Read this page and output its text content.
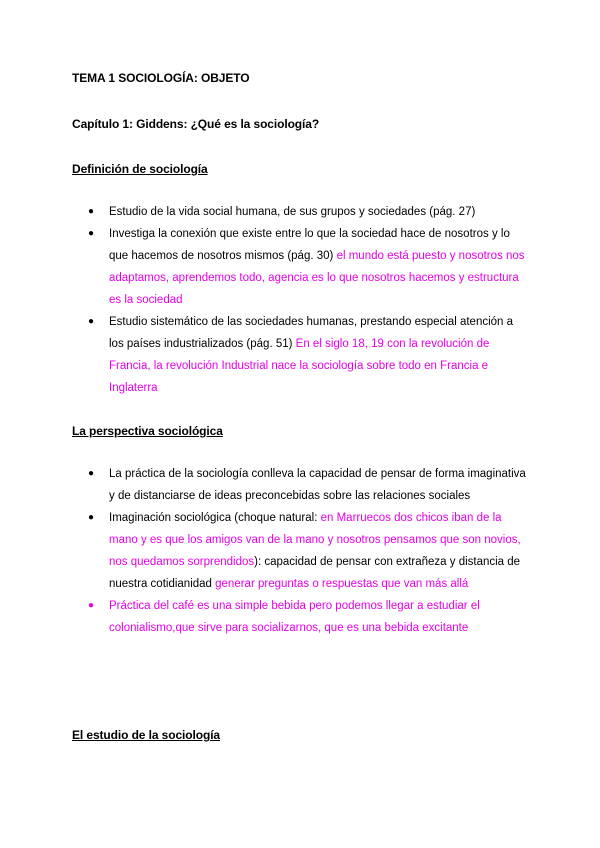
TEMA 1 SOCIOLOGÍA: OBJETO
Capítulo 1: Giddens: ¿Qué es la sociología?
Definición de sociología
● Estudio de la vida social humana, de sus grupos y sociedades (pág. 27)
● Investiga la conexión que existe entre lo que la sociedad hace de nosotros y lo que hacemos de nosotros mismos (pág. 30) el mundo está puesto y nosotros nos adaptamos, aprendemos todo, agencia es lo que nosotros hacemos y estructura es la sociedad
● Estudio sistemático de las sociedades humanas, prestando especial atención a los países industrializados (pág. 51) En el siglo 18, 19 con la revolución de Francia, la revolución Industrial nace la sociología sobre todo en Francia e Inglaterra
La perspectiva sociológica
● La práctica de la sociología conlleva la capacidad de pensar de forma imaginativa y de distanciarse de ideas preconcebidas sobre las relaciones sociales
● Imaginación sociológica (choque natural: en Marruecos dos chicos iban de la mano y es que los amigos van de la mano y nosotros pensamos que son novios, nos quedamos sorprendidos): capacidad de pensar con extrañeza y distancia de nuestra cotidianidad generar preguntas o respuestas que van más allá
● Práctica del café es una simple bebida pero podemos llegar a estudiar el colonialismo,que sirve para socializarnos, que es una bebida excitante
El estudio de la sociología
